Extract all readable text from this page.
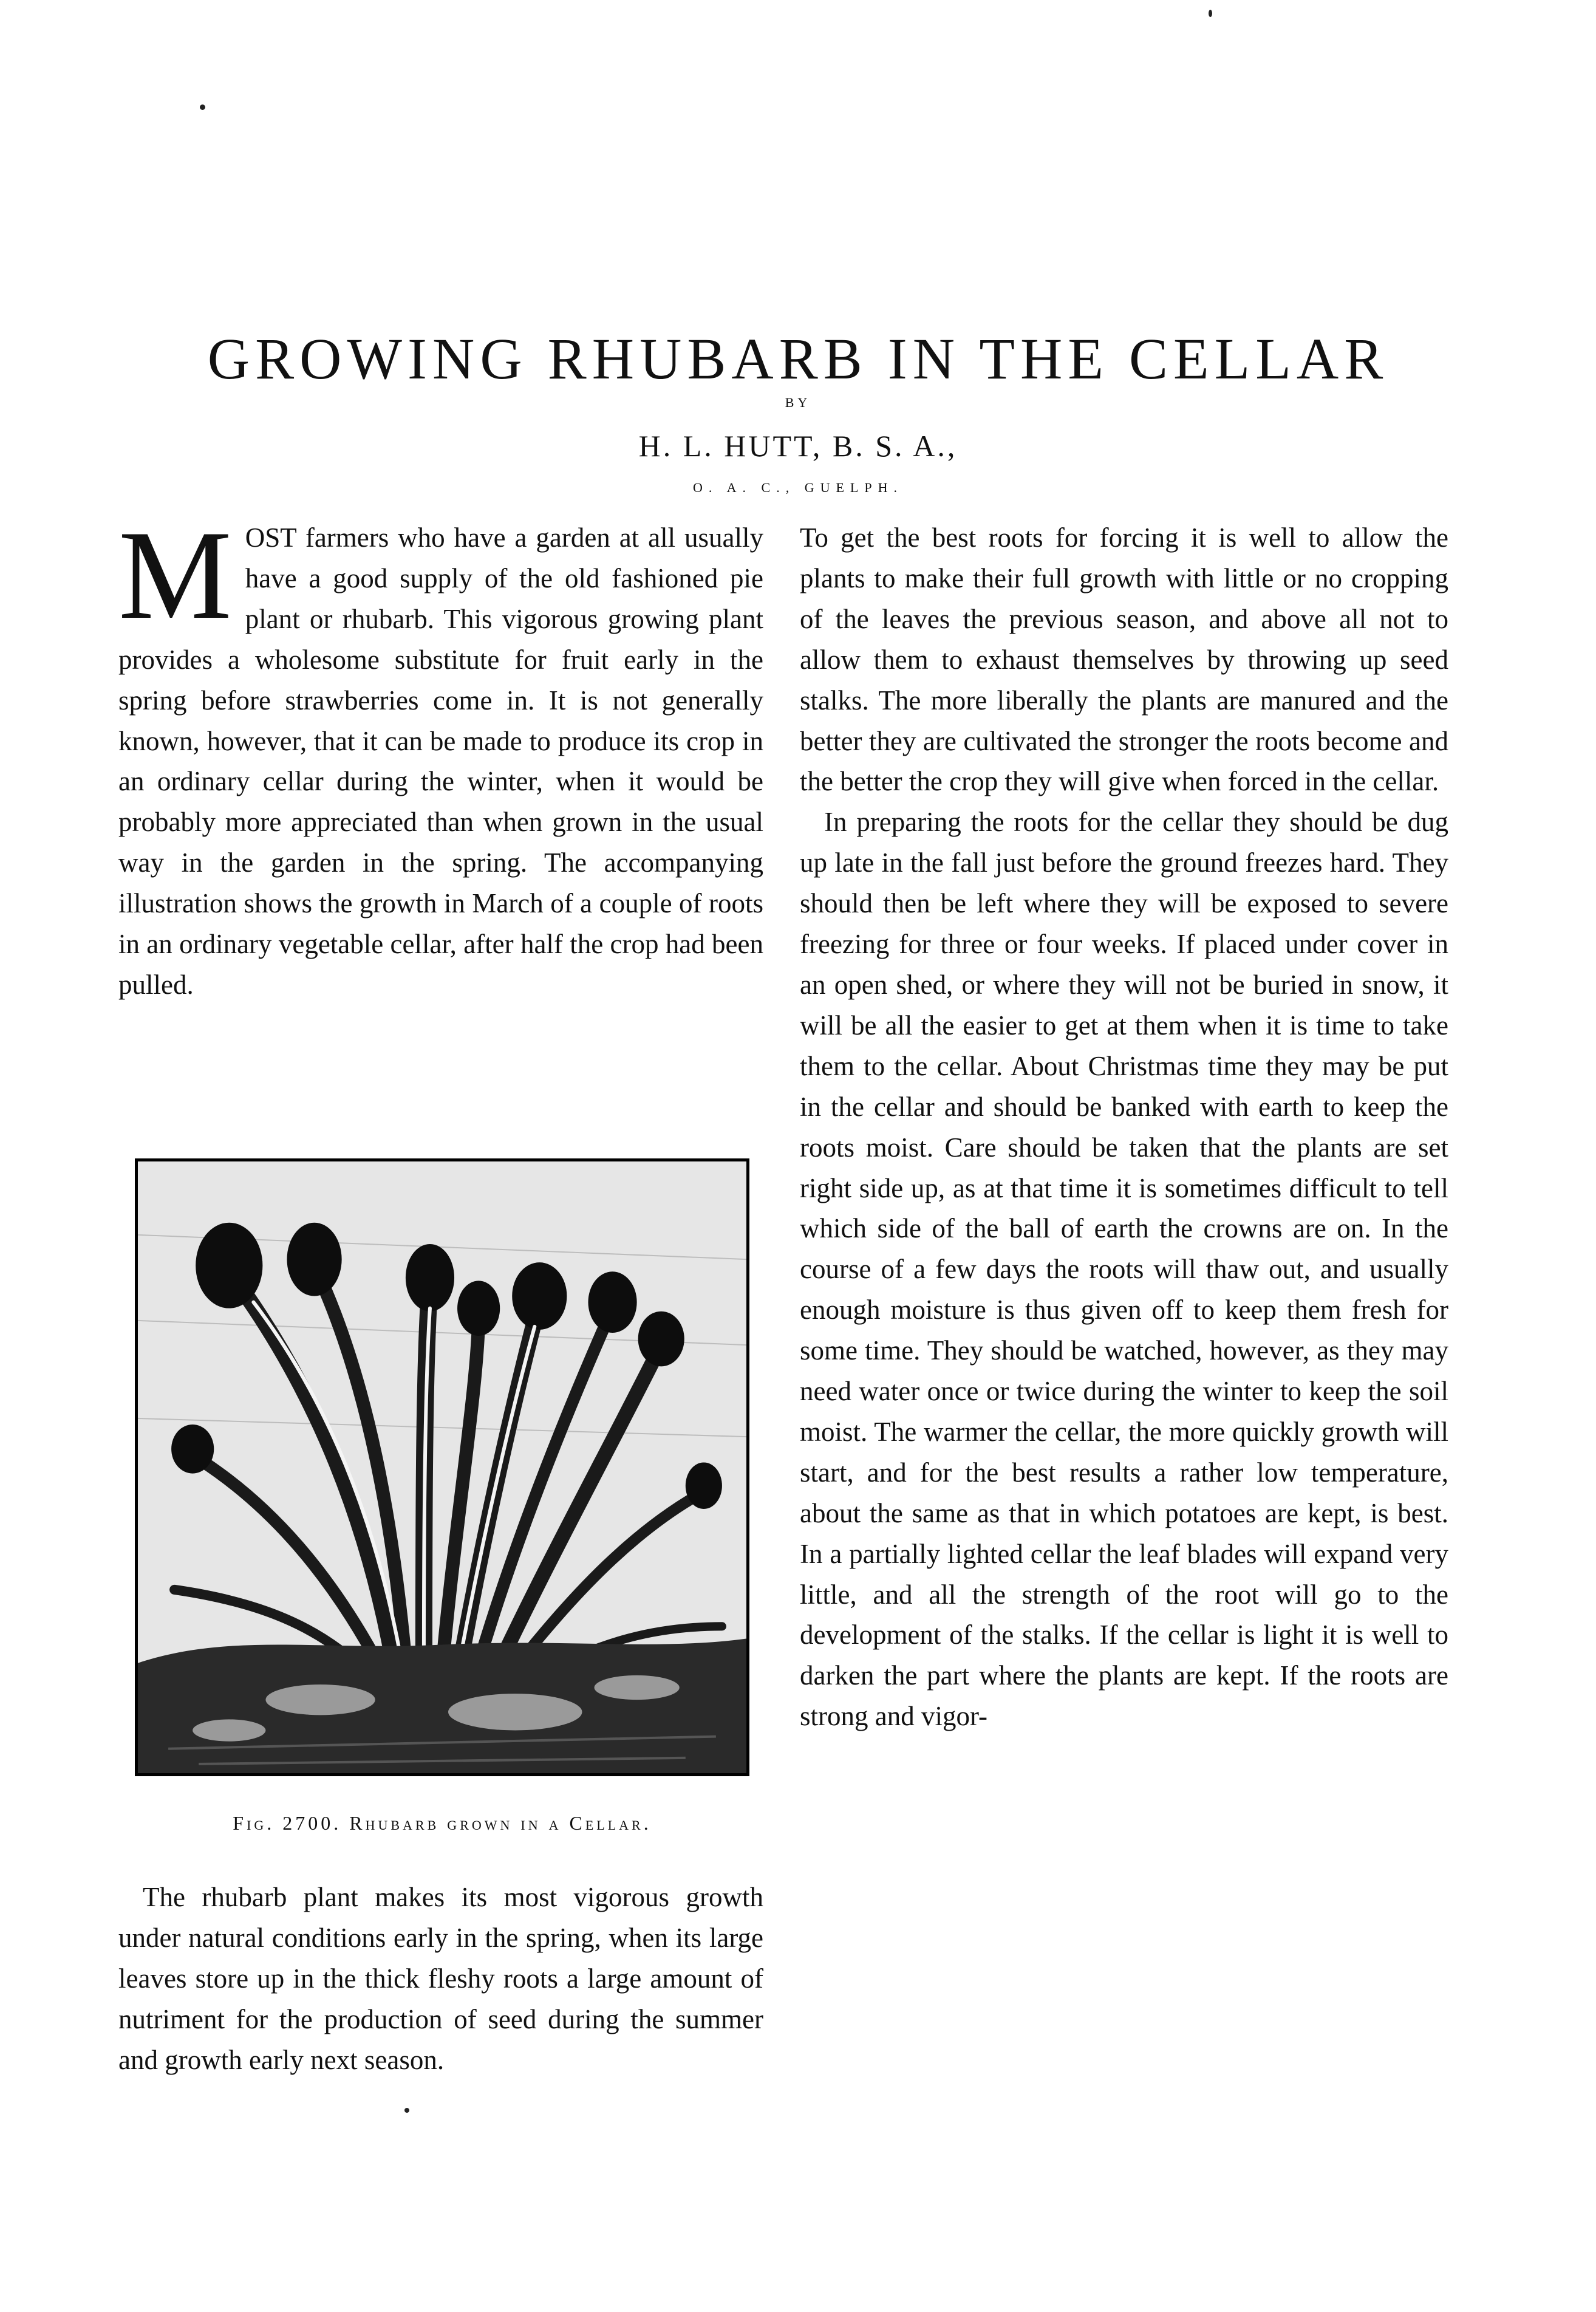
GROWING RHUBARB IN THE CELLAR
BY
H. L. HUTT, B. S. A.,
O. A. C., GUELPH.
M OST farmers who have a garden at all usually have a good supply of the old fashioned pie plant or rhubarb. This vigorous growing plant provides a wholesome substitute for fruit early in the spring before strawberries come in. It is not generally known, however, that it can be made to produce its crop in an ordinary cellar during the winter, when it would be probably more appreciated than when grown in the usual way in the garden in the spring. The accompanying illustration shows the growth in March of a couple of roots in an ordinary vegetable cellar, after half the crop had been pulled.

Fig. 2700. Rhubarb grown in a Cellar.

The rhubarb plant makes its most vigorous growth under natural conditions early in the spring, when its large leaves store up in the thick fleshy roots a large amount of nutriment for the production of seed during the summer and growth early next season.

To get the best roots for forcing it is well to allow the plants to make their full growth with little or no cropping of the leaves the previous season, and above all not to allow them to exhaust themselves by throwing up seed stalks. The more liberally the plants are manured and the better they are cultivated the stronger the roots become and the better the crop they will give when forced in the cellar.

In preparing the roots for the cellar they should be dug up late in the fall just before the ground freezes hard. They should then be left where they will be exposed to severe freezing for three or four weeks. If placed under cover in an open shed, or where they will not be buried in snow, it will be all the easier to get at them when it is time to take them to the cellar. About Christmas time they may be put in the cellar and should be banked with earth to keep the roots moist. Care should be taken that the plants are set right side up, as at that time it is sometimes difficult to tell which side of the ball of earth the crowns are on. In the course of a few days the roots will thaw out, and usually enough moisture is thus given off to keep them fresh for some time. They should be watched, however, as they may need water once or twice during the winter to keep the soil moist. The warmer the cellar, the more quickly growth will start, and for the best results a rather low temperature, about the same as that in which potatoes are kept, is best. In a partially lighted cellar the leaf blades will expand very little, and all the strength of the root will go to the development of the stalks. If the cellar is light it is well to darken the part where the plants are kept. If the roots are strong and vigor-
